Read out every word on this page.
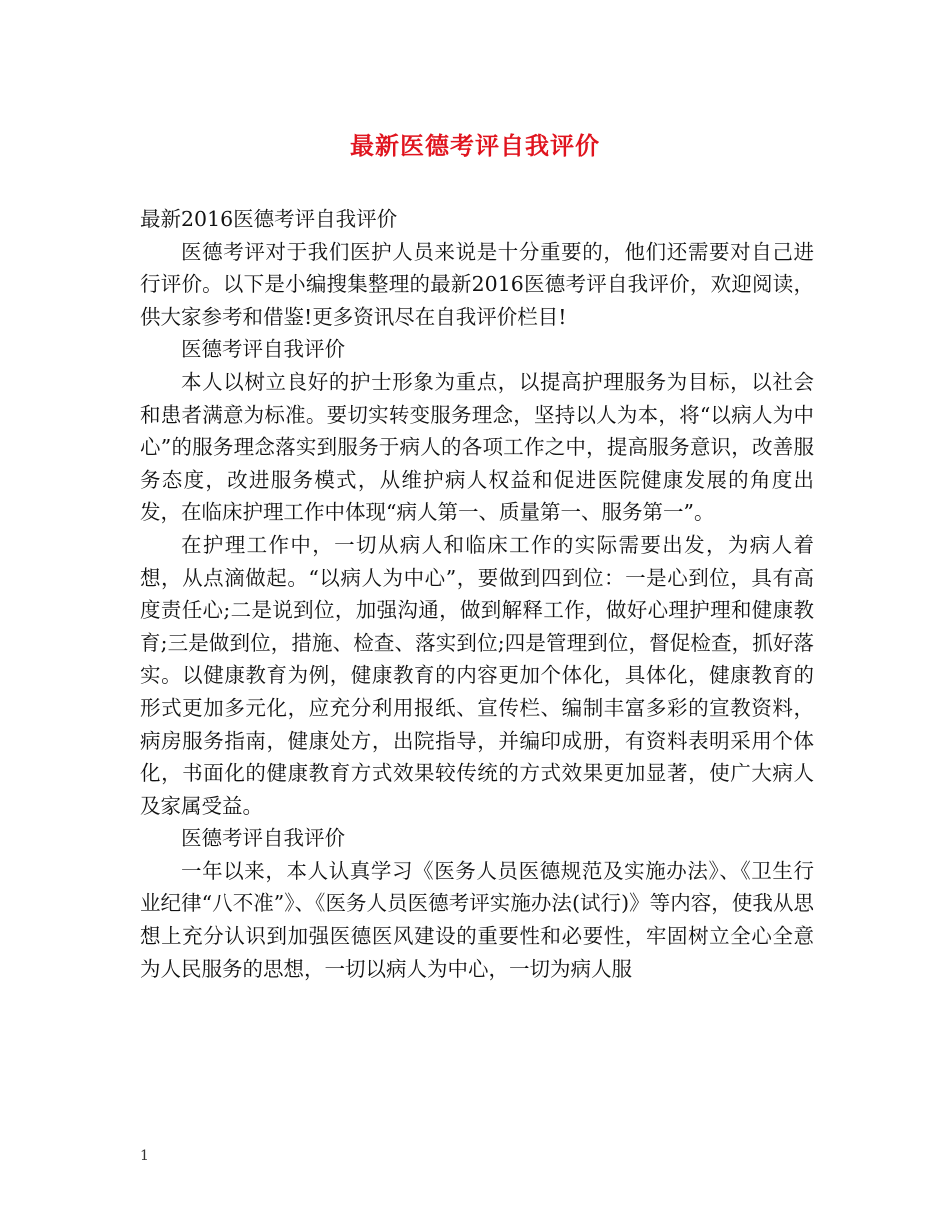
最新医德考评自我评价

最新2016医德考评自我评价

医德考评对于我们医护人员来说是十分重要的，他们还需要对自己进行评价。以下是小编搜集整理的最新2016医德考评自我评价，欢迎阅读，供大家参考和借鉴!更多资讯尽在自我评价栏目!

医德考评自我评价

本人以树立良好的护士形象为重点，以提高护理服务为目标，以社会和患者满意为标准。要切实转变服务理念，坚持以人为本，将“以病人为中心”的服务理念落实到服务于病人的各项工作之中，提高服务意识，改善服务态度，改进服务模式，从维护病人权益和促进医院健康发展的角度出发，在临床护理工作中体现“病人第一、质量第一、服务第一”。

在护理工作中，一切从病人和临床工作的实际需要出发，为病人着想，从点滴做起。“以病人为中心”，要做到四到位：一是心到位，具有高度责任心;二是说到位，加强沟通，做到解释工作，做好心理护理和健康教育;三是做到位，措施、检查、落实到位;四是管理到位，督促检查，抓好落实。以健康教育为例，健康教育的内容更加个体化，具体化，健康教育的形式更加多元化，应充分利用报纸、宣传栏、编制丰富多彩的宣教资料，病房服务指南，健康处方，出院指导，并编印成册，有资料表明采用个体化，书面化的健康教育方式效果较传统的方式效果更加显著，使广大病人及家属受益。

医德考评自我评价

一年以来，本人认真学习《医务人员医德规范及实施办法》、《卫生行业纪律“八不准”》、《医务人员医德考评实施办法(试行)》等内容，使我从思想上充分认识到加强医德医风建设的重要性和必要性，牢固树立全心全意为人民服务的思想，一切以病人为中心，一切为病人服

1
